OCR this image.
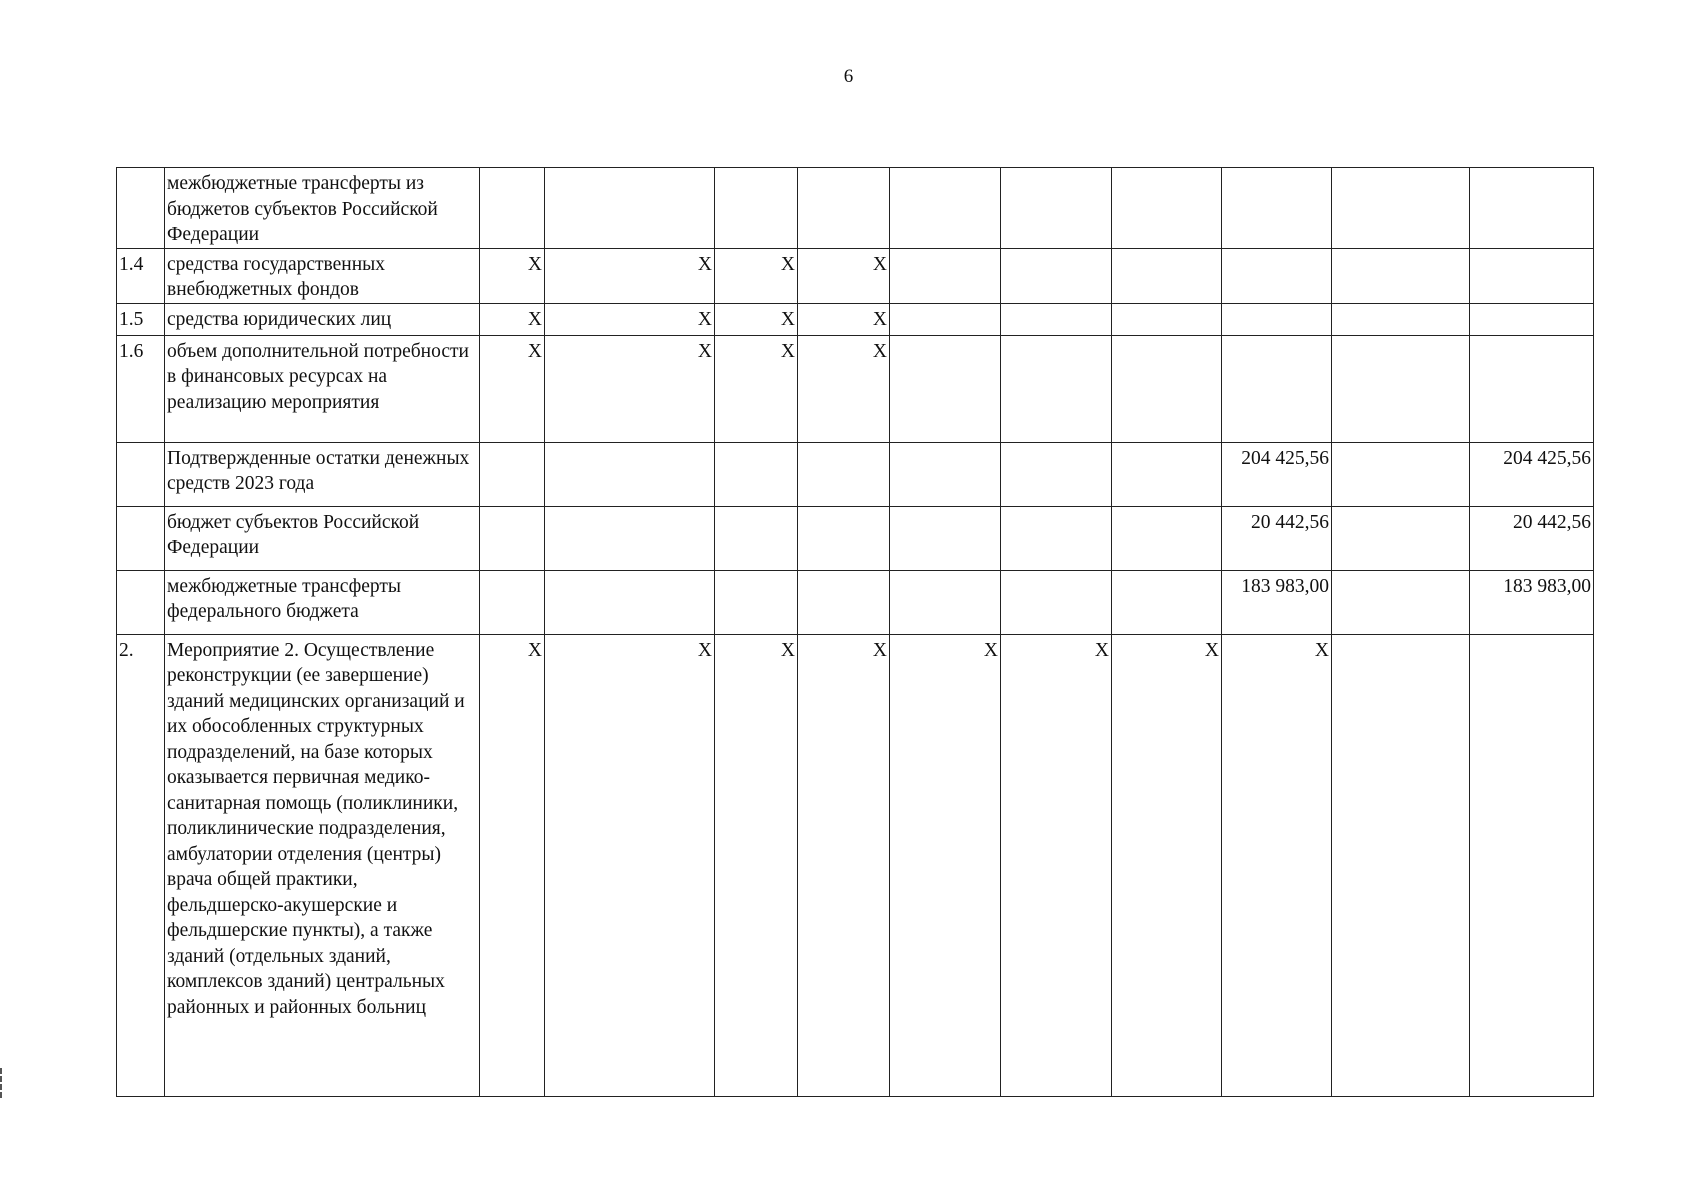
6
	межбюджетные трансферты из бюджетов субъектов Российской Федерации										
1.4	средства государственных внебюджетных фондов	X	X	X	X						
1.5	средства юридических лиц	X	X	X	X						
1.6	объем дополнительной потребности в финансовых ресурсах на реализацию мероприятия	X	X	X	X						
	Подтвержденные остатки денежных средств 2023 года								204 425,56		204 425,56
	бюджет субъектов Российской Федерации								20 442,56		20 442,56
	межбюджетные трансферты федерального бюджета								183 983,00		183 983,00
2.	Мероприятие 2. Осуществление реконструкции (ее завершение) зданий медицинских организаций и их обособленных структурных подразделений, на базе которых оказывается первичная медико-санитарная помощь (поликлиники, поликлинические подразделения, амбулатории отделения (центры) врача общей практики, фельдшерско-акушерские и фельдшерские пункты), а также зданий (отдельных зданий, комплексов зданий) центральных районных и районных больниц	X	X	X	X	X	X	X	X		
